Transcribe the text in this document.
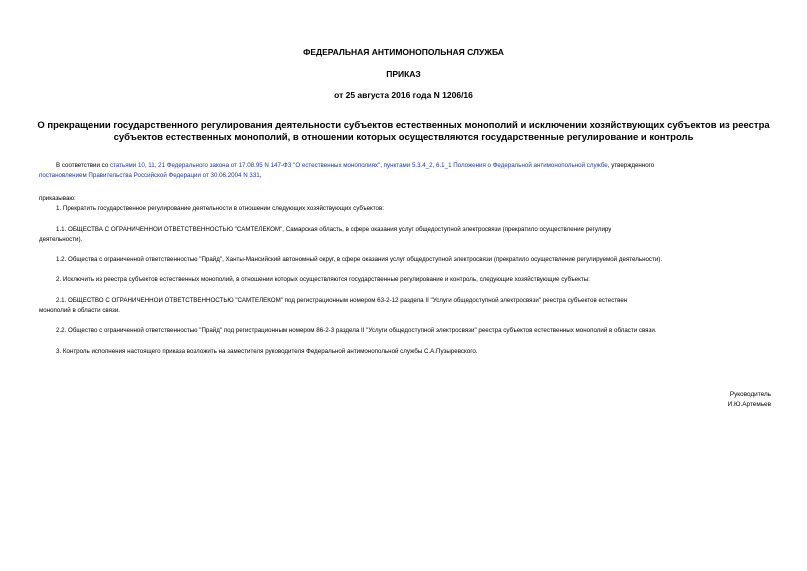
ФЕДЕРАЛЬНАЯ АНТИМОНОПОЛЬНАЯ СЛУЖБА
ПРИКАЗ
от 25 августа 2016 года N 1206/16
О прекращении государственного регулирования деятельности субъектов естественных монополий и исключении хозяйствующих субъектов из реестра
субъектов естественных монополий, в отношении которых осуществляются государственные регулирование и контроль
В соответствии со статьями 10, 11, 21 Федерального закона от 17.08.95 N 147-ФЗ "О естественных монополиях", пунктами 5.3.4_2, 6.1_1 Положения о Федеральной антимонопольной службе, утвержденного
постановлением Правительства Российской Федерации от 30.06.2004 N 331,
приказываю:
1. Прекратить государственное регулирование деятельности в отношении следующих хозяйствующих субъектов:
1.1. ОБЩЕСТВА С ОГРАНИЧЕННОЙ ОТВЕТСТВЕННОСТЬЮ "САМТЕЛЕКОМ", Самарская область, в сфере оказания услуг общедоступной электросвязи (прекратило осуществление регулиру
деятельности).
1.2. Общества с ограниченной ответственностью "Прайд", Ханты-Мансийский автономный округ, в сфере оказания услуг общедоступной электросвязи (прекратило осуществление регулируемой деятельности).
2. Исключить из реестра субъектов естественных монополий, в отношении которых осуществляются государственные регулирование и контроль, следующие хозяйствующие субъекты:
2.1. ОБЩЕСТВО С ОГРАНИЧЕННОЙ ОТВЕТСТВЕННОСТЬЮ "САМТЕЛЕКОМ" под регистрационным номером 63-2-12 раздела II "Услуги общедоступной электросвязи" реестра субъектов естествен
монополий в области связи.
2.2. Общество с ограниченной ответственностью "Прайд" под регистрационным номером 86-2-3 раздела II "Услуги общедоступной электросвязи" реестра субъектов естественных монополий в области связи.
3. Контроль исполнения настоящего приказа возложить на заместителя руководителя Федеральной антимонопольной службы С.А.Пузыревского.
Руководитель
И.Ю.Артемьев
